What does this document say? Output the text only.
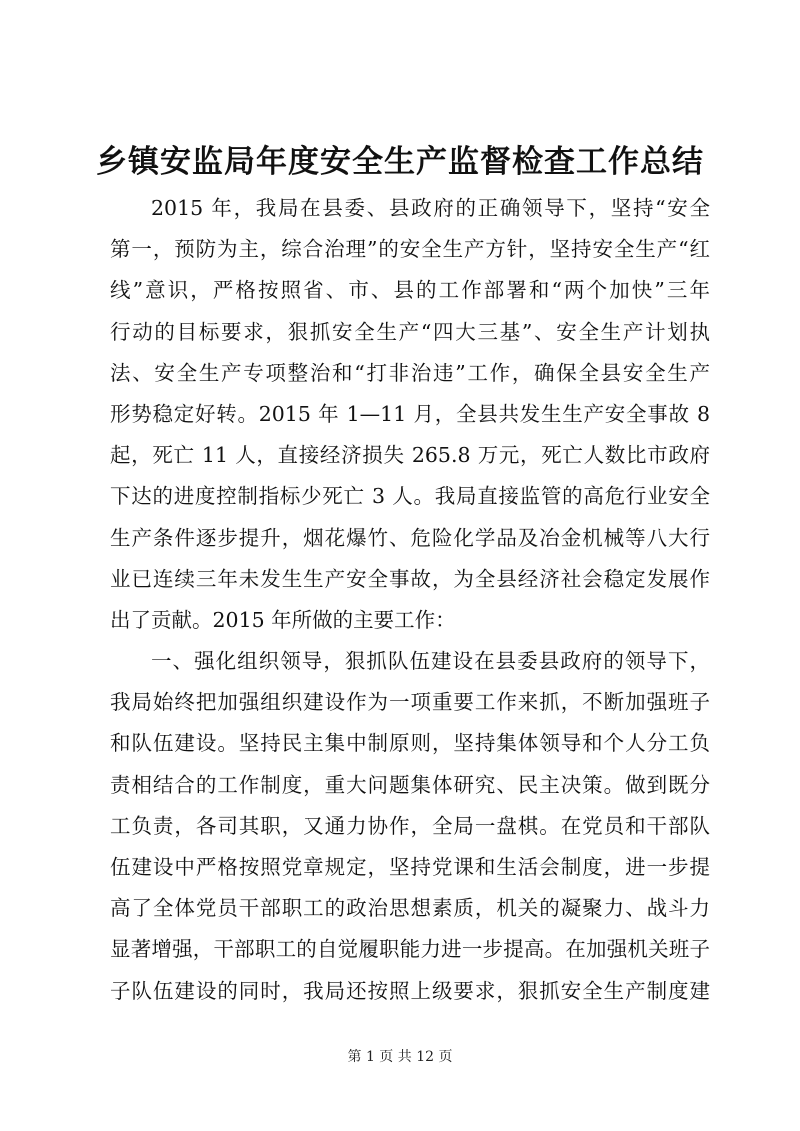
乡镇安监局年度安全生产监督检查工作总结
2015 年，我局在县委、县政府的正确领导下，坚持“安全
第一，预防为主，综合治理”的安全生产方针，坚持安全生产“红
线”意识，严格按照省、市、县的工作部署和“两个加快”三年
行动的目标要求，狠抓安全生产“四大三基”、安全生产计划执
法、安全生产专项整治和“打非治违”工作，确保全县安全生产
形势稳定好转。2015 年 1—11 月，全县共发生生产安全事故 8
起，死亡 11 人，直接经济损失 265.8 万元，死亡人数比市政府
下达的进度控制指标少死亡 3 人。我局直接监管的高危行业安全
生产条件逐步提升，烟花爆竹、危险化学品及冶金机械等八大行
业已连续三年未发生生产安全事故，为全县经济社会稳定发展作
出了贡献。2015 年所做的主要工作：
一、强化组织领导，狠抓队伍建设在县委县政府的领导下，
我局始终把加强组织建设作为一项重要工作来抓，不断加强班子
和队伍建设。坚持民主集中制原则，坚持集体领导和个人分工负
责相结合的工作制度，重大问题集体研究、民主决策。做到既分
工负责，各司其职，又通力协作，全局一盘棋。在党员和干部队
伍建设中严格按照党章规定，坚持党课和生活会制度，进一步提
高了全体党员干部职工的政治思想素质，机关的凝聚力、战斗力
显著增强，干部职工的自觉履职能力进一步提高。在加强机关班子
子队伍建设的同时，我局还按照上级要求，狠抓安全生产制度建
第 1 页 共 12 页
